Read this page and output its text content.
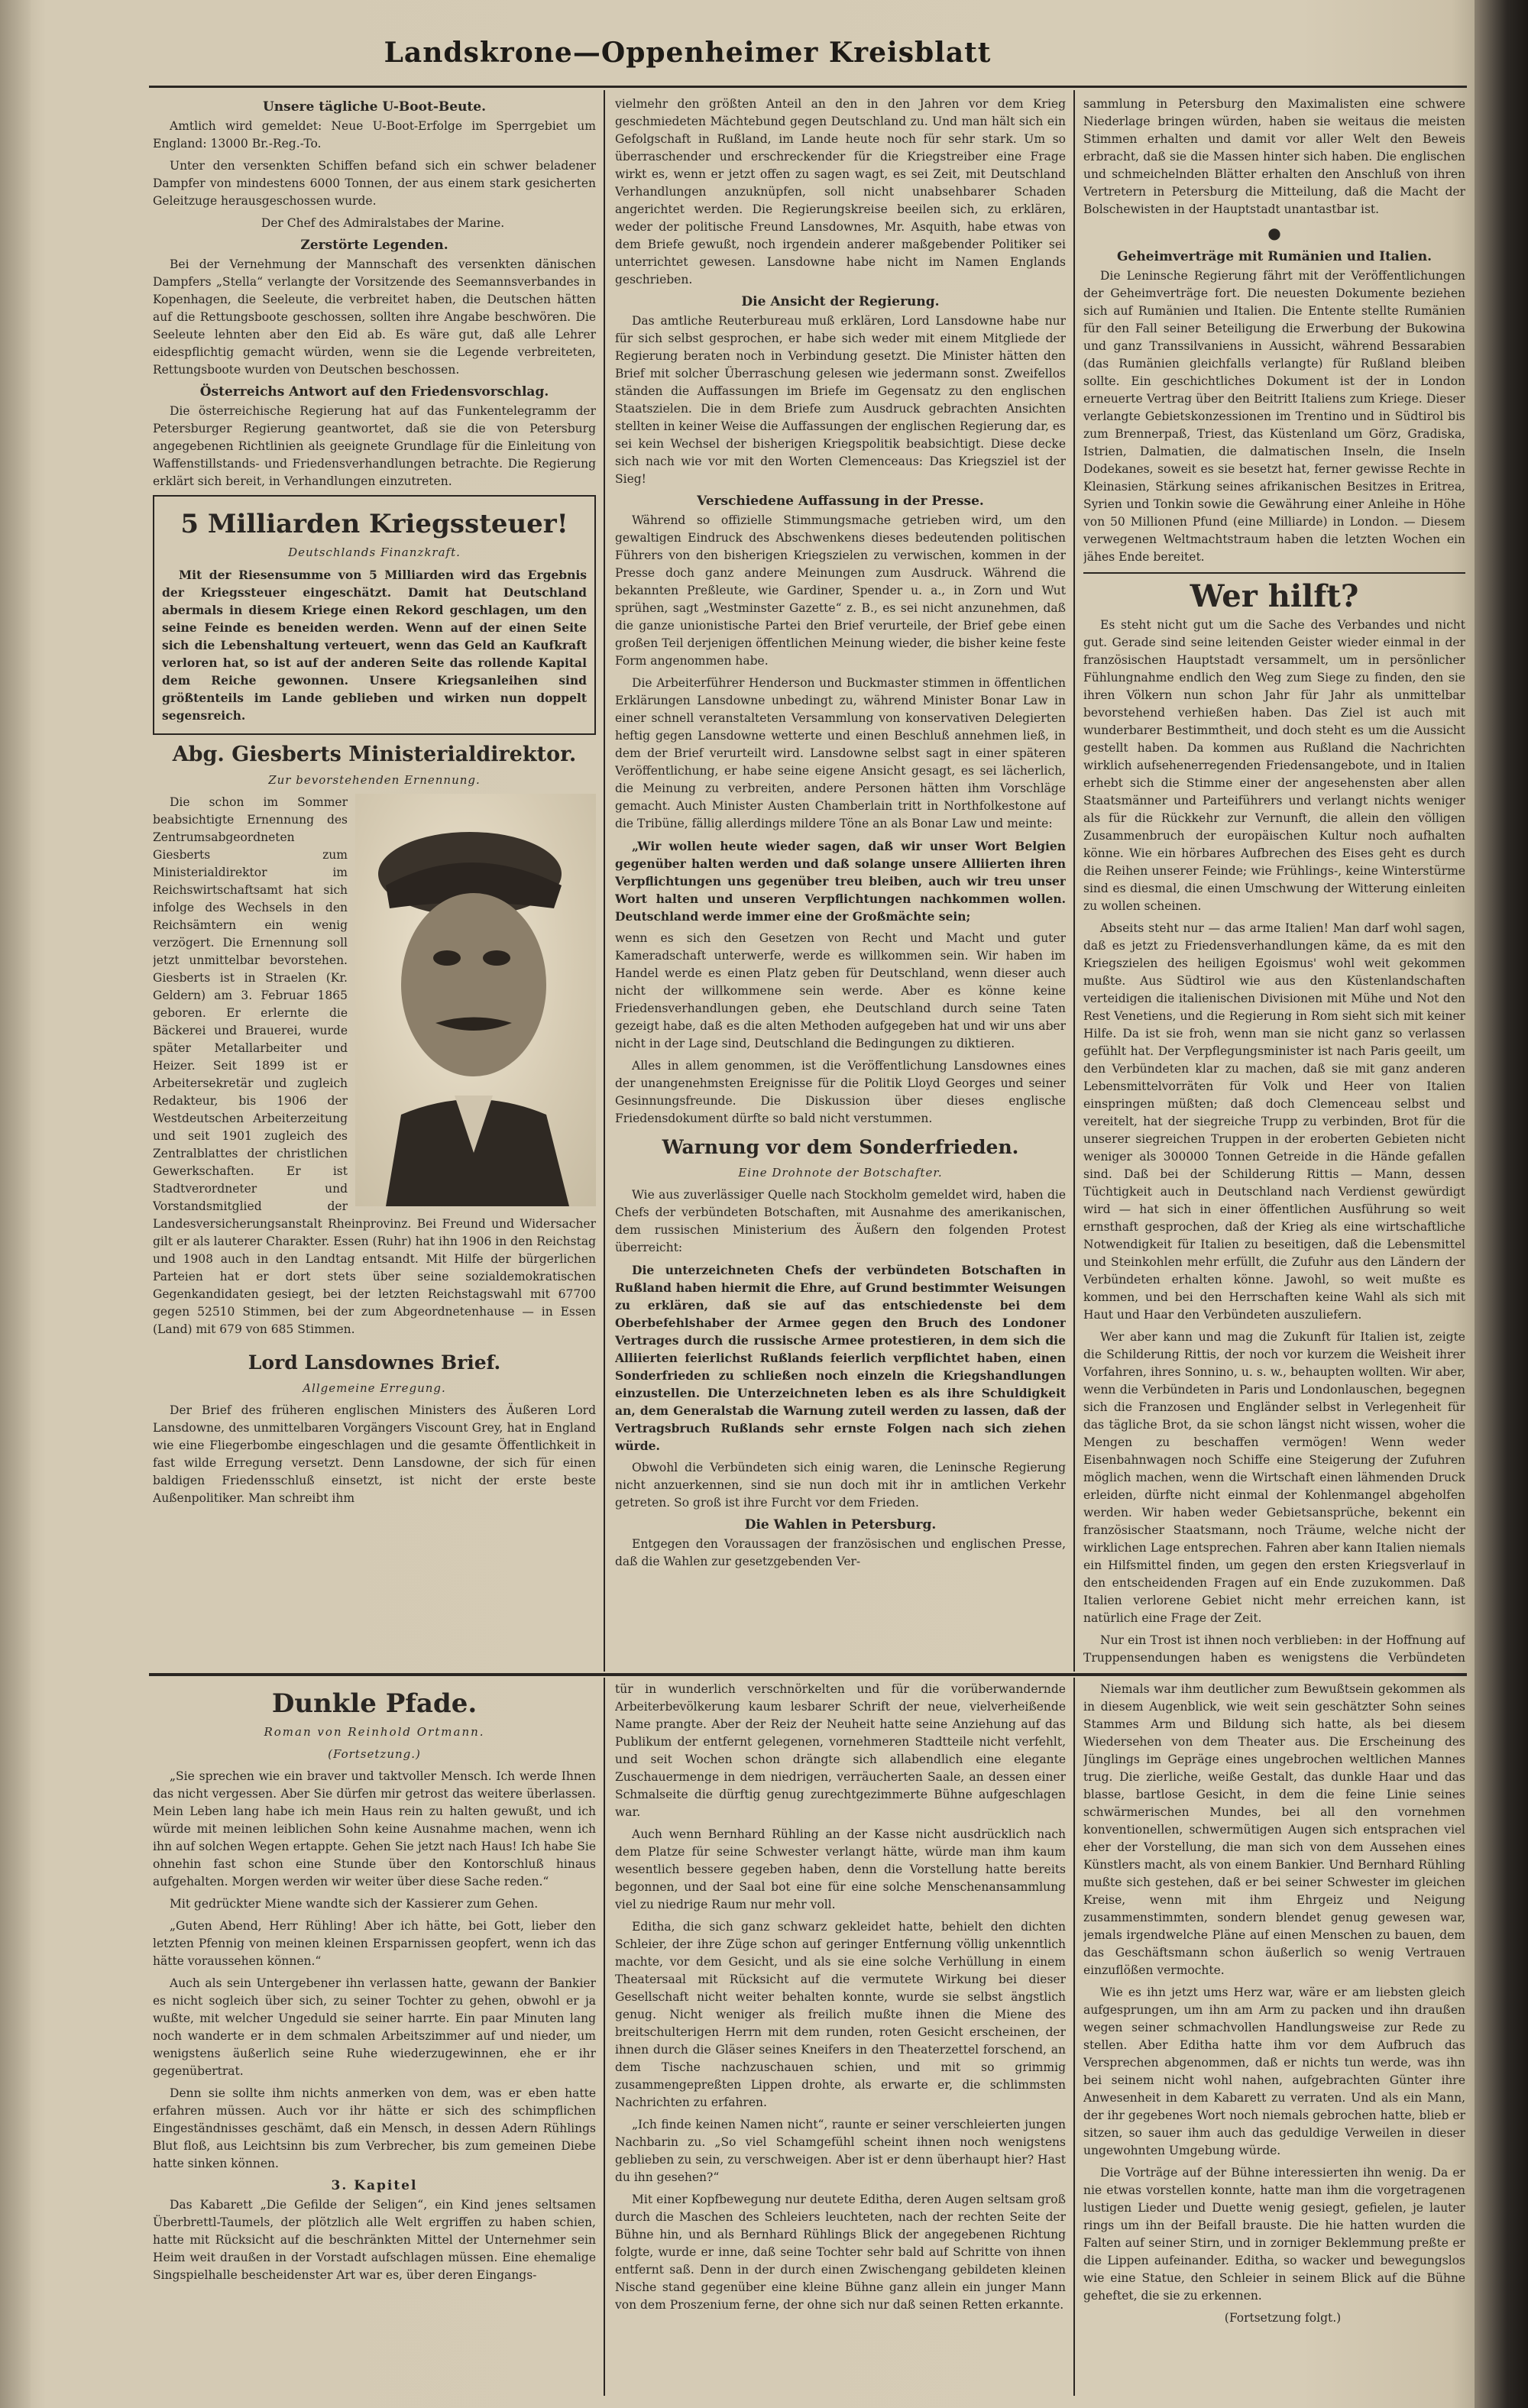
Landskrone—Oppenheimer Kreisblatt
Unsere tägliche U-Boot-Beute.

Amtlich wird gemeldet: Neue U-Boot-Erfolge im Sperrgebiet um England: 13000 Br.-Reg.-To.

Unter den versenkten Schiffen befand sich ein schwer beladener Dampfer von mindestens 6000 Tonnen, der aus einem stark gesicherten Geleitzuge herausgeschossen wurde.

Der Chef des Admiralstabes der Marine.

Zerstörte Legenden.

Bei der Vernehmung der Mannschaft des versenkten dänischen Dampfers „Stella“ verlangte der Vorsitzende des Seemannsverbandes in Kopenhagen, die Seeleute, die verbreitet haben, die Deutschen hätten auf die Rettungsboote geschossen, sollten ihre Angabe beschwören. Die Seeleute lehnten aber den Eid ab. Es wäre gut, daß alle Lehrer eidespflichtig gemacht würden, wenn sie die Legende verbreiteten, Rettungsboote wurden von Deutschen beschossen.

Österreichs Antwort auf den Friedensvorschlag.

Die österreichische Regierung hat auf das Funkentelegramm der Petersburger Regierung geantwortet, daß sie die von Petersburg angegebenen Richtlinien als geeignete Grundlage für die Einleitung von Waffenstillstands- und Friedensverhandlungen betrachte. Die Regierung erklärt sich bereit, in Verhandlungen einzutreten.

5 Milliarden Kriegssteuer!
Deutschlands Finanzkraft.

Mit der Riesensumme von 5 Milliarden wird das Ergebnis der Kriegssteuer eingeschätzt. Damit hat Deutschland abermals in diesem Kriege einen Rekord geschlagen, um den seine Feinde es beneiden werden. Wenn auf der einen Seite sich die Lebenshaltung verteuert, wenn das Geld an Kaufkraft verloren hat, so ist auf der anderen Seite das rollende Kapital dem Reiche gewonnen. Unsere Kriegsanleihen sind größtenteils im Lande geblieben und wirken nun doppelt segensreich.

Abg. Giesberts Ministerialdirektor.
Zur bevorstehenden Ernennung.

Die schon im Sommer beabsichtigte Ernennung des Zentrumsabgeordneten Giesberts zum Ministerialdirektor im Reichswirtschaftsamt hat sich infolge des Wechsels in den Reichsämtern ein wenig verzögert. Die Ernennung soll jetzt unmittelbar bevorstehen. Giesberts ist in Straelen (Kr. Geldern) am 3. Februar 1865 geboren. Er erlernte die Bäckerei und Brauerei, wurde später Metallarbeiter und Heizer. Seit 1899 ist er Arbeitersekretär und zugleich Redakteur, bis 1906 der Westdeutschen Arbeiterzeitung und seit 1901 zugleich des Zentralblattes der christlichen Gewerkschaften. Er ist Stadtverordneter und Vorstandsmitglied der Landesversicherungsanstalt Rheinprovinz. Bei Freund und Widersacher gilt er als lauterer Charakter. Essen (Ruhr) hat ihn 1906 in den Reichstag und 1908 auch in den Landtag entsandt. Mit Hilfe der bürgerlichen Parteien hat er dort stets über seine sozialdemokratischen Gegenkandidaten gesiegt, bei der letzten Reichstagswahl mit 67700 gegen 52510 Stimmen, bei der zum Abgeordnetenhause — in Essen (Land) mit 679 von 685 Stimmen.

Lord Lansdownes Brief.
Allgemeine Erregung.

Der Brief des früheren englischen Ministers des Äußeren Lord Lansdowne, des unmittelbaren Vorgängers Viscount Grey, hat in England wie eine Fliegerbombe eingeschlagen und die gesamte Öffentlichkeit in fast wilde Erregung versetzt. Denn Lansdowne, der sich für einen baldigen Friedensschluß einsetzt, ist nicht der erste beste Außenpolitiker. Man schreibt ihm

vielmehr den größten Anteil an den in den Jahren vor dem Krieg geschmiedeten Mächtebund gegen Deutschland zu. Und man hält sich ein Gefolgschaft in Rußland, im Lande heute noch für sehr stark. Um so überraschender und erschreckender für die Kriegstreiber eine Frage wirkt es, wenn er jetzt offen zu sagen wagt, es sei Zeit, mit Deutschland Verhandlungen anzuknüpfen, soll nicht unabsehbarer Schaden angerichtet werden. Die Regierungskreise beeilen sich, zu erklären, weder der politische Freund Lansdownes, Mr. Asquith, habe etwas von dem Briefe gewußt, noch irgendein anderer maßgebender Politiker sei unterrichtet gewesen. Lansdowne habe nicht im Namen Englands geschrieben.

Die Ansicht der Regierung.

Das amtliche Reuterbureau muß erklären, Lord Lansdowne habe nur für sich selbst gesprochen, er habe sich weder mit einem Mitgliede der Regierung beraten noch in Verbindung gesetzt. Die Minister hätten den Brief mit solcher Überraschung gelesen wie jedermann sonst. Zweifellos ständen die Auffassungen im Briefe im Gegensatz zu den englischen Staatszielen. Die in dem Briefe zum Ausdruck gebrachten Ansichten stellten in keiner Weise die Auffassungen der englischen Regierung dar, es sei kein Wechsel der bisherigen Kriegspolitik beabsichtigt. Diese decke sich nach wie vor mit den Worten Clemenceaus: Das Kriegsziel ist der Sieg!

Verschiedene Auffassung in der Presse.

Während so offizielle Stimmungsmache getrieben wird, um den gewaltigen Eindruck des Abschwenkens dieses bedeutenden politischen Führers von den bisherigen Kriegszielen zu verwischen, kommen in der Presse doch ganz andere Meinungen zum Ausdruck. Während die bekannten Preßleute, wie Gardiner, Spender u. a., in Zorn und Wut sprühen, sagt „Westminster Gazette“ z. B., es sei nicht anzunehmen, daß die ganze unionistische Partei den Brief verurteile, der Brief gebe einen großen Teil derjenigen öffentlichen Meinung wieder, die bisher keine feste Form angenommen habe.

Die Arbeiterführer Henderson und Buckmaster stimmen in öffentlichen Erklärungen Lansdowne unbedingt zu, während Minister Bonar Law in einer schnell veranstalteten Versammlung von konservativen Delegierten heftig gegen Lansdowne wetterte und einen Beschluß annehmen ließ, in dem der Brief verurteilt wird. Lansdowne selbst sagt in einer späteren Veröffentlichung, er habe seine eigene Ansicht gesagt, es sei lächerlich, die Meinung zu verbreiten, andere Personen hätten ihm Vorschläge gemacht. Auch Minister Austen Chamberlain tritt in Northfolkestone auf die Tribüne, fällig allerdings mildere Töne an als Bonar Law und meinte:

„Wir wollen heute wieder sagen, daß wir unser Wort Belgien gegenüber halten werden und daß solange unsere Alliierten ihren Verpflichtungen uns gegenüber treu bleiben, auch wir treu unser Wort halten und unseren Verpflichtungen nachkommen wollen. Deutschland werde immer eine der Großmächte sein;

wenn es sich den Gesetzen von Recht und Macht und guter Kameradschaft unterwerfe, werde es willkommen sein. Wir haben im Handel werde es einen Platz geben für Deutschland, wenn dieser auch nicht der willkommene sein werde. Aber es könne keine Friedensverhandlungen geben, ehe Deutschland durch seine Taten gezeigt habe, daß es die alten Methoden aufgegeben hat und wir uns aber nicht in der Lage sind, Deutschland die Bedingungen zu diktieren.

Alles in allem genommen, ist die Veröffentlichung Lansdownes eines der unangenehmsten Ereignisse für die Politik Lloyd Georges und seiner Gesinnungsfreunde. Die Diskussion über dieses englische Friedensdokument dürfte so bald nicht verstummen.

Warnung vor dem Sonderfrieden.
Eine Drohnote der Botschafter.

Wie aus zuverlässiger Quelle nach Stockholm gemeldet wird, haben die Chefs der verbündeten Botschaften, mit Ausnahme des amerikanischen, dem russischen Ministerium des Äußern den folgenden Protest überreicht:

Die unterzeichneten Chefs der verbündeten Botschaften in Rußland haben hiermit die Ehre, auf Grund bestimmter Weisungen zu erklären, daß sie auf das entschiedenste bei dem Oberbefehlshaber der Armee gegen den Bruch des Londoner Vertrages durch die russische Armee protestieren, in dem sich die Alliierten feierlichst Rußlands feierlich verpflichtet haben, einen Sonderfrieden zu schließen noch einzeln die Kriegshandlungen einzustellen. Die Unterzeichneten leben es als ihre Schuldigkeit an, dem Generalstab die Warnung zuteil werden zu lassen, daß der Vertragsbruch Rußlands sehr ernste Folgen nach sich ziehen würde.

Obwohl die Verbündeten sich einig waren, die Leninsche Regierung nicht anzuerkennen, sind sie nun doch mit ihr in amtlichen Verkehr getreten. So groß ist ihre Furcht vor dem Frieden.

Die Wahlen in Petersburg.

Entgegen den Voraussagen der französischen und englischen Presse, daß die Wahlen zur gesetzgebenden Ver-

sammlung in Petersburg den Maximalisten eine schwere Niederlage bringen würden, haben sie weitaus die meisten Stimmen erhalten und damit vor aller Welt den Beweis erbracht, daß sie die Massen hinter sich haben. Die englischen und schmeichelnden Blätter erhalten den Anschluß von ihren Vertretern in Petersburg die Mitteilung, daß die Macht der Bolschewisten in der Hauptstadt unantastbar ist.

●
Geheimverträge mit Rumänien und Italien.

Die Leninsche Regierung fährt mit der Veröffentlichungen der Geheimverträge fort. Die neuesten Dokumente beziehen sich auf Rumänien und Italien. Die Entente stellte Rumänien für den Fall seiner Beteiligung die Erwerbung der Bukowina und ganz Transsilvaniens in Aussicht, während Bessarabien (das Rumänien gleichfalls verlangte) für Rußland bleiben sollte. Ein geschichtliches Dokument ist der in London erneuerte Vertrag über den Beitritt Italiens zum Kriege. Dieser verlangte Gebietskonzessionen im Trentino und in Südtirol bis zum Brennerpaß, Triest, das Küstenland um Görz, Gradiska, Istrien, Dalmatien, die dalmatischen Inseln, die Inseln Dodekanes, soweit es sie besetzt hat, ferner gewisse Rechte in Kleinasien, Stärkung seines afrikanischen Besitzes in Eritrea, Syrien und Tonkin sowie die Gewährung einer Anleihe in Höhe von 50 Millionen Pfund (eine Milliarde) in London. — Diesem verwegenen Weltmachtstraum haben die letzten Wochen ein jähes Ende bereitet.

Wer hilft?

Es steht nicht gut um die Sache des Verbandes und nicht gut. Gerade sind seine leitenden Geister wieder einmal in der französischen Hauptstadt versammelt, um in persönlicher Fühlungnahme endlich den Weg zum Siege zu finden, den sie ihren Völkern nun schon Jahr für Jahr als unmittelbar bevorstehend verhießen haben. Das Ziel ist auch mit wunderbarer Bestimmtheit, und doch steht es um die Aussicht gestellt haben. Da kommen aus Rußland die Nachrichten wirklich aufsehenerregenden Friedensangebote, und in Italien erhebt sich die Stimme einer der angesehensten aber allen Staatsmänner und Parteiführers und verlangt nichts weniger als für die Rückkehr zur Vernunft, die allein den völligen Zusammenbruch der europäischen Kultur noch aufhalten könne. Wie ein hörbares Aufbrechen des Eises geht es durch die Reihen unserer Feinde; wie Frühlings-, keine Winterstürme sind es diesmal, die einen Umschwung der Witterung einleiten zu wollen scheinen.

Abseits steht nur — das arme Italien! Man darf wohl sagen, daß es jetzt zu Friedensverhandlungen käme, da es mit den Kriegszielen des heiligen Egoismus' wohl weit gekommen mußte. Aus Südtirol wie aus den Küstenlandschaften verteidigen die italienischen Divisionen mit Mühe und Not den Rest Venetiens, und die Regierung in Rom sieht sich mit keiner Hilfe. Da ist sie froh, wenn man sie nicht ganz so verlassen gefühlt hat. Der Verpflegungsminister ist nach Paris geeilt, um den Verbündeten klar zu machen, daß sie mit ganz anderen Lebensmittelvorräten für Volk und Heer von Italien einspringen müßten; daß doch Clemenceau selbst und vereitelt, hat der siegreiche Trupp zu verbinden, Brot für die unserer siegreichen Truppen in der eroberten Gebieten nicht weniger als 300000 Tonnen Getreide in die Hände gefallen sind. Daß bei der Schilderung Rittis — Mann, dessen Tüchtigkeit auch in Deutschland nach Verdienst gewürdigt wird — hat sich in einer öffentlichen Ausführung so weit ernsthaft gesprochen, daß der Krieg als eine wirtschaftliche Notwendigkeit für Italien zu beseitigen, daß die Lebensmittel und Steinkohlen mehr erfüllt, die Zufuhr aus den Ländern der Verbündeten erhalten könne. Jawohl, so weit mußte es kommen, und bei den Herrschaften keine Wahl als sich mit Haut und Haar den Verbündeten auszuliefern.

Wer aber kann und mag die Zukunft für Italien ist, zeigte die Schilderung Rittis, der noch vor kurzem die Weisheit ihrer Vorfahren, ihres Sonnino, u. s. w., behaupten wollten. Wir aber, wenn die Verbündeten in Paris und Londonlauschen, begegnen sich die Franzosen und Engländer selbst in Verlegenheit für das tägliche Brot, da sie schon längst nicht wissen, woher die Mengen zu beschaffen vermögen! Wenn weder Eisenbahnwagen noch Schiffe eine Steigerung der Zufuhren möglich machen, wenn die Wirtschaft einen lähmenden Druck erleiden, dürfte nicht einmal der Kohlenmangel abgeholfen werden. Wir haben weder Gebietsansprüche, bekennt ein französischer Staatsmann, noch Träume, welche nicht der wirklichen Lage entsprechen. Fahren aber kann Italien niemals ein Hilfsmittel finden, um gegen den ersten Kriegsverlauf in den entscheidenden Fragen auf ein Ende zuzukommen. Daß Italien verlorene Gebiet nicht mehr erreichen kann, ist natürlich eine Frage der Zeit.

Nur ein Trost ist ihnen noch verblieben: in der Hoffnung auf Truppensendungen haben es wenigstens die Verbündeten

Dunkle Pfade.
Roman von Reinhold Ortmann.
(Fortsetzung.)

„Sie sprechen wie ein braver und taktvoller Mensch. Ich werde Ihnen das nicht vergessen. Aber Sie dürfen mir getrost das weitere überlassen. Mein Leben lang habe ich mein Haus rein zu halten gewußt, und ich würde mit meinen leiblichen Sohn keine Ausnahme machen, wenn ich ihn auf solchen Wegen ertappte. Gehen Sie jetzt nach Haus! Ich habe Sie ohnehin fast schon eine Stunde über den Kontorschluß hinaus aufgehalten. Morgen werden wir weiter über diese Sache reden.“

Mit gedrückter Miene wandte sich der Kassierer zum Gehen.

„Guten Abend, Herr Rühling! Aber ich hätte, bei Gott, lieber den letzten Pfennig von meinen kleinen Ersparnissen geopfert, wenn ich das hätte voraussehen können.“

Auch als sein Untergebener ihn verlassen hatte, gewann der Bankier es nicht sogleich über sich, zu seiner Tochter zu gehen, obwohl er ja wußte, mit welcher Ungeduld sie seiner harrte. Ein paar Minuten lang noch wanderte er in dem schmalen Arbeitszimmer auf und nieder, um wenigstens äußerlich seine Ruhe wiederzugewinnen, ehe er ihr gegenübertrat.

Denn sie sollte ihm nichts anmerken von dem, was er eben hatte erfahren müssen. Auch vor ihr hätte er sich des schimpflichen Eingeständnisses geschämt, daß ein Mensch, in dessen Adern Rühlings Blut floß, aus Leichtsinn bis zum Verbrecher, bis zum gemeinen Diebe hatte sinken können.

3. Kapitel

Das Kabarett „Die Gefilde der Seligen“, ein Kind jenes seltsamen Überbrettl-Taumels, der plötzlich alle Welt ergriffen zu haben schien, hatte mit Rücksicht auf die beschränkten Mittel der Unternehmer sein Heim weit draußen in der Vorstadt aufschlagen müssen. Eine ehemalige Singspielhalle bescheidenster Art war es, über deren Eingangs-

tür in wunderlich verschnörkelten und für die vorüberwandernde Arbeiterbevölkerung kaum lesbarer Schrift der neue, vielverheißende Name prangte. Aber der Reiz der Neuheit hatte seine Anziehung auf das Publikum der entfernt gelegenen, vornehmeren Stadtteile nicht verfehlt, und seit Wochen schon drängte sich allabendlich eine elegante Zuschauermenge in dem niedrigen, verräucherten Saale, an dessen einer Schmalseite die dürftig genug zurechtgezimmerte Bühne aufgeschlagen war.

Auch wenn Bernhard Rühling an der Kasse nicht ausdrücklich nach dem Platze für seine Schwester verlangt hätte, würde man ihm kaum wesentlich bessere gegeben haben, denn die Vorstellung hatte bereits begonnen, und der Saal bot eine für eine solche Menschenansammlung viel zu niedrige Raum nur mehr voll.

Editha, die sich ganz schwarz gekleidet hatte, behielt den dichten Schleier, der ihre Züge schon auf geringer Entfernung völlig unkenntlich machte, vor dem Gesicht, und als sie eine solche Verhüllung in einem Theatersaal mit Rücksicht auf die vermutete Wirkung bei dieser Gesellschaft nicht weiter behalten konnte, wurde sie selbst ängstlich genug. Nicht weniger als freilich mußte ihnen die Miene des breitschulterigen Herrn mit dem runden, roten Gesicht erscheinen, der ihnen durch die Gläser seines Kneifers in den Theaterzettel forschend, an dem Tische nachzuschauen schien, und mit so grimmig zusammengepreßten Lippen drohte, als erwarte er, die schlimmsten Nachrichten zu erfahren.

„Ich finde keinen Namen nicht“, raunte er seiner verschleierten jungen Nachbarin zu. „So viel Schamgefühl scheint ihnen noch wenigstens geblieben zu sein, zu verschweigen. Aber ist er denn überhaupt hier? Hast du ihn gesehen?“

Mit einer Kopfbewegung nur deutete Editha, deren Augen seltsam groß durch die Maschen des Schleiers leuchteten, nach der rechten Seite der Bühne hin, und als Bernhard Rühlings Blick der angegebenen Richtung folgte, wurde er inne, daß seine Tochter sehr bald auf Schritte von ihnen entfernt saß. Denn in der durch einen Zwischengang gebildeten kleinen Nische stand gegenüber eine kleine Bühne ganz allein ein junger Mann von dem Proszenium ferne, der ohne sich nur daß seinen Retten erkannte.

Niemals war ihm deutlicher zum Bewußtsein gekommen als in diesem Augenblick, wie weit sein geschätzter Sohn seines Stammes Arm und Bildung sich hatte, als bei diesem Wiedersehen von dem Theater aus. Die Erscheinung des Jünglings im Gepräge eines ungebrochen weltlichen Mannes trug. Die zierliche, weiße Gestalt, das dunkle Haar und das blasse, bartlose Gesicht, in dem die feine Linie seines schwärmerischen Mundes, bei all den vornehmen konventionellen, schwermütigen Augen sich entsprachen viel eher der Vorstellung, die man sich von dem Aussehen eines Künstlers macht, als von einem Bankier. Und Bernhard Rühling mußte sich gestehen, daß er bei seiner Schwester im gleichen Kreise, wenn mit ihm Ehrgeiz und Neigung zusammenstimmten, sondern blendet genug gewesen war, jemals irgendwelche Pläne auf einen Menschen zu bauen, dem das Geschäftsmann schon äußerlich so wenig Vertrauen einzuflößen vermochte.

Wie es ihn jetzt ums Herz war, wäre er am liebsten gleich aufgesprungen, um ihn am Arm zu packen und ihn draußen wegen seiner schmachvollen Handlungsweise zur Rede zu stellen. Aber Editha hatte ihm vor dem Aufbruch das Versprechen abgenommen, daß er nichts tun werde, was ihn bei seinem nicht wohl nahen, aufgebrachten Günter ihre Anwesenheit in dem Kabarett zu verraten. Und als ein Mann, der ihr gegebenes Wort noch niemals gebrochen hatte, blieb er sitzen, so sauer ihm auch das geduldige Verweilen in dieser ungewohnten Umgebung würde.

Die Vorträge auf der Bühne interessierten ihn wenig. Da er nie etwas vorstellen konnte, hatte man ihm die vorgetragenen lustigen Lieder und Duette wenig gesiegt, gefielen, je lauter rings um ihn der Beifall brauste. Die hie hatten wurden die Falten auf seiner Stirn, und in zorniger Beklemmung preßte er die Lippen aufeinander. Editha, so wacker und bewegungslos wie eine Statue, den Schleier in seinem Blick auf die Bühne geheftet, die sie zu erkennen.

(Fortsetzung folgt.)
